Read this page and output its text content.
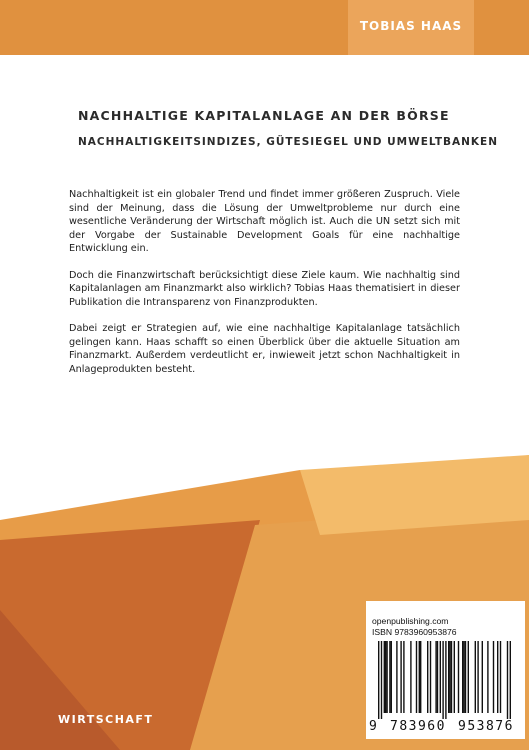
TOBIAS HAAS
NACHHALTIGE KAPITALANLAGE AN DER BÖRSE
NACHHALTIGKEITSINDIZES, GÜTESIEGEL UND UMWELTBANKEN

Nachhaltigkeit ist ein globaler Trend und findet immer größeren Zuspruch. Viele sind der Meinung, dass die Lösung der Umweltprobleme nur durch eine wesentliche Veränderung der Wirtschaft möglich ist. Auch die UN setzt sich mit der Vorgabe der Sustainable Development Goals für eine nachhaltige Entwicklung ein.

Doch die Finanzwirtschaft berücksichtigt diese Ziele kaum. Wie nachhaltig sind Kapitalanlagen am Finanzmarkt also wirklich? Tobias Haas thematisiert in dieser Publikation die Intransparenz von Finanzprodukten.

Dabei zeigt er Strategien auf, wie eine nachhaltige Kapitalanlage tatsächlich gelingen kann. Haas schafft so einen Überblick über die aktuelle Situation am Finanzmarkt. Außerdem verdeutlicht er, inwieweit jetzt schon Nachhaltigkeit in Anlageprodukten besteht.

openpublishing.com
ISBN 9783960953876
9 783960 953876
WIRTSCHAFT
